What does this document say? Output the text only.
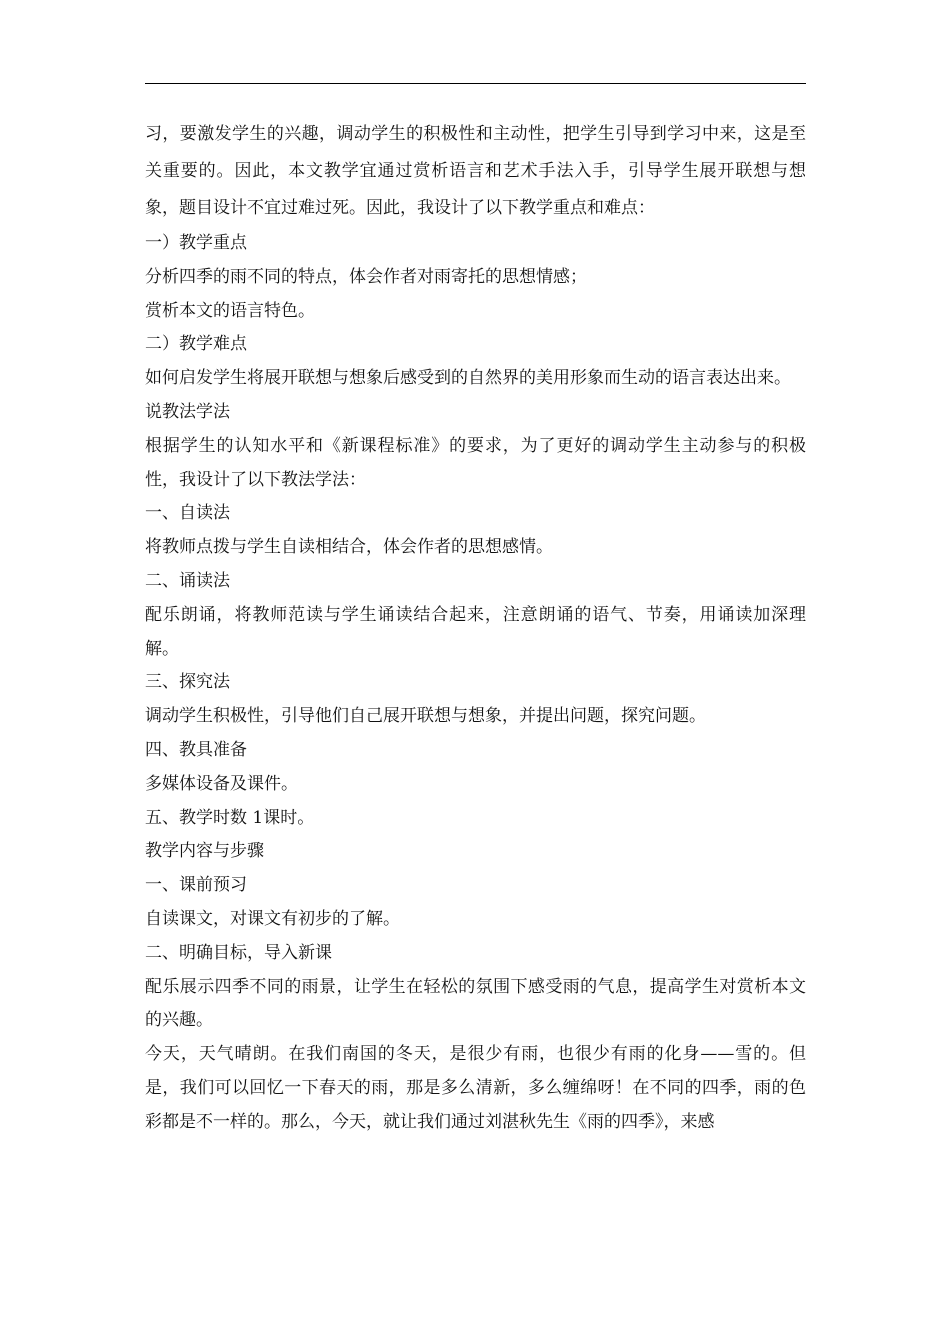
习，要激发学生的兴趣，调动学生的积极性和主动性，把学生引导到学习中来，这是至关重要的。因此，本文教学宜通过赏析语言和艺术手法入手，引导学生展开联想与想象，题目设计不宜过难过死。因此，我设计了以下教学重点和难点：

一）教学重点

分析四季的雨不同的特点，体会作者对雨寄托的思想情感；

赏析本文的语言特色。

二）教学难点

如何启发学生将展开联想与想象后感受到的自然界的美用形象而生动的语言表达出来。

说教法学法

根据学生的认知水平和《新课程标准》的要求，为了更好的调动学生主动参与的积极性，我设计了以下教法学法：

一、自读法

将教师点拨与学生自读相结合，体会作者的思想感情。

二、诵读法

配乐朗诵，将教师范读与学生诵读结合起来，注意朗诵的语气、节奏，用诵读加深理解。

三、探究法

调动学生积极性，引导他们自己展开联想与想象，并提出问题，探究问题。

四、教具准备

多媒体设备及课件。

五、教学时数 1课时。

教学内容与步骤

一、课前预习

自读课文，对课文有初步的了解。

二、明确目标，导入新课

配乐展示四季不同的雨景，让学生在轻松的氛围下感受雨的气息，提高学生对赏析本文的兴趣。

今天，天气晴朗。在我们南国的冬天，是很少有雨，也很少有雨的化身——雪的。但是，我们可以回忆一下春天的雨，那是多么清新，多么缠绵呀！在不同的四季，雨的色彩都是不一样的。那么，今天，就让我们通过刘湛秋先生《雨的四季》，来感
